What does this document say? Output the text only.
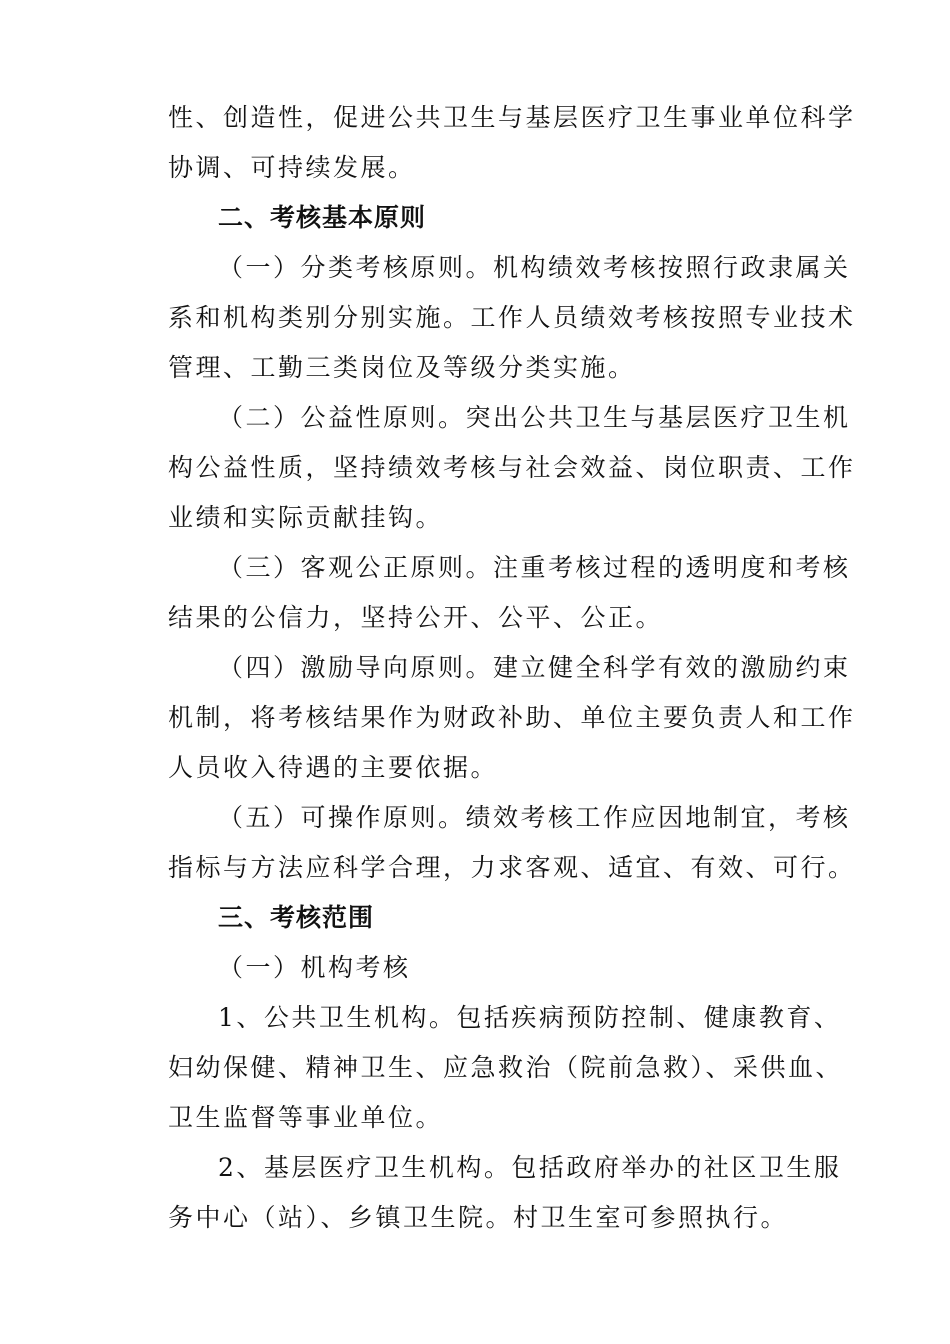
性、创造性，促进公共卫生与基层医疗卫生事业单位科学
协调、可持续发展。
二、考核基本原则
（一）分类考核原则。机构绩效考核按照行政隶属关
系和机构类别分别实施。工作人员绩效考核按照专业技术
管理、工勤三类岗位及等级分类实施。
（二）公益性原则。突出公共卫生与基层医疗卫生机
构公益性质，坚持绩效考核与社会效益、岗位职责、工作
业绩和实际贡献挂钩。
（三）客观公正原则。注重考核过程的透明度和考核
结果的公信力，坚持公开、公平、公正。
（四）激励导向原则。建立健全科学有效的激励约束
机制，将考核结果作为财政补助、单位主要负责人和工作
人员收入待遇的主要依据。
（五）可操作原则。绩效考核工作应因地制宜，考核
指标与方法应科学合理，力求客观、适宜、有效、可行。
三、考核范围
（一）机构考核
1、公共卫生机构。包括疾病预防控制、健康教育、
妇幼保健、精神卫生、应急救治（院前急救）、采供血、
卫生监督等事业单位。
2、基层医疗卫生机构。包括政府举办的社区卫生服
务中心（站）、乡镇卫生院。村卫生室可参照执行。
